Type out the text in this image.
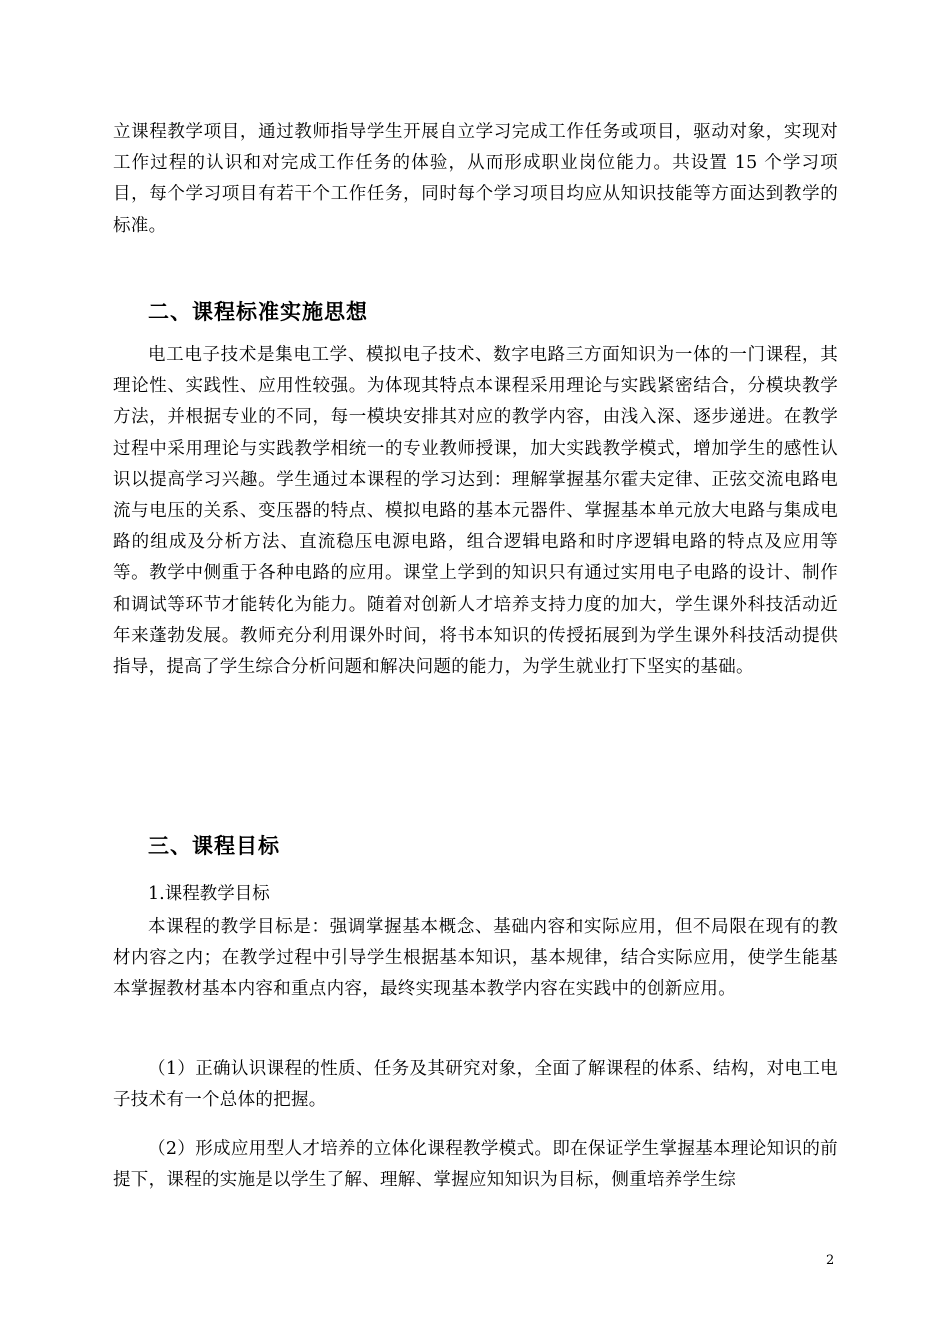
立课程教学项目，通过教师指导学生开展自立学习完成工作任务或项目，驱动对象，实现对工作过程的认识和对完成工作任务的体验，从而形成职业岗位能力。共设置 15 个学习项目，每个学习项目有若干个工作任务，同时每个学习项目均应从知识技能等方面达到教学的标准。

二、课程标准实施思想

电工电子技术是集电工学、模拟电子技术、数字电路三方面知识为一体的一门课程，其理论性、实践性、应用性较强。为体现其特点本课程采用理论与实践紧密结合，分模块教学方法，并根据专业的不同，每一模块安排其对应的教学内容，由浅入深、逐步递进。在教学过程中采用理论与实践教学相统一的专业教师授课，加大实践教学模式，增加学生的感性认识以提高学习兴趣。学生通过本课程的学习达到：理解掌握基尔霍夫定律、正弦交流电路电流与电压的关系、变压器的特点、模拟电路的基本元器件、掌握基本单元放大电路与集成电路的组成及分析方法、直流稳压电源电路，组合逻辑电路和时序逻辑电路的特点及应用等等。教学中侧重于各种电路的应用。课堂上学到的知识只有通过实用电子电路的设计、制作和调试等环节才能转化为能力。随着对创新人才培养支持力度的加大，学生课外科技活动近年来蓬勃发展。教师充分利用课外时间，将书本知识的传授拓展到为学生课外科技活动提供指导，提高了学生综合分析问题和解决问题的能力，为学生就业打下坚实的基础。

三、课程目标

1.课程教学目标

本课程的教学目标是：强调掌握基本概念、基础内容和实际应用，但不局限在现有的教材内容之内；在教学过程中引导学生根据基本知识，基本规律，结合实际应用，使学生能基本掌握教材基本内容和重点内容，最终实现基本教学内容在实践中的创新应用。

（1）正确认识课程的性质、任务及其研究对象，全面了解课程的体系、结构，对电工电子技术有一个总体的把握。

（2）形成应用型人才培养的立体化课程教学模式。即在保证学生掌握基本理论知识的前提下，课程的实施是以学生了解、理解、掌握应知知识为目标，侧重培养学生综

2
